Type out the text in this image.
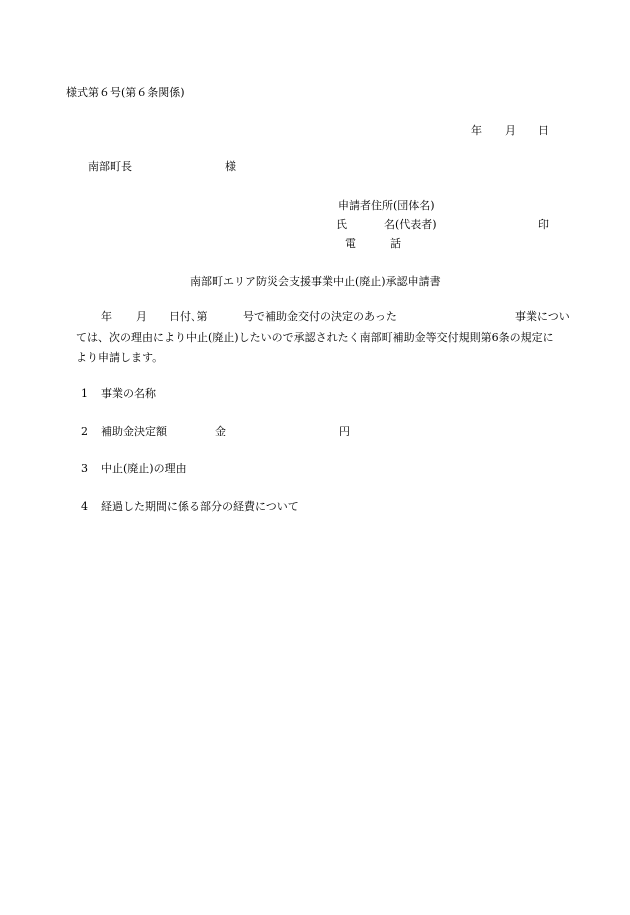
様式第６号(第６条関係)
年 月 日
南部町長	様
申請者住所(団体名)
氏	名(代表者)	印
電	話
南部町エリア防災会支援事業中止(廃止)承認申請書
年 月 日付､第	号で補助金交付の決定のあった	事業につい
ては、次の理由により中止(廃止)したいので承認されたく南部町補助金等交付規則第6条の規定に
より申請します。
1 事業の名称
2 補助金決定額	金	円
3 中止(廃止)の理由
4 経過した期間に係る部分の経費について
